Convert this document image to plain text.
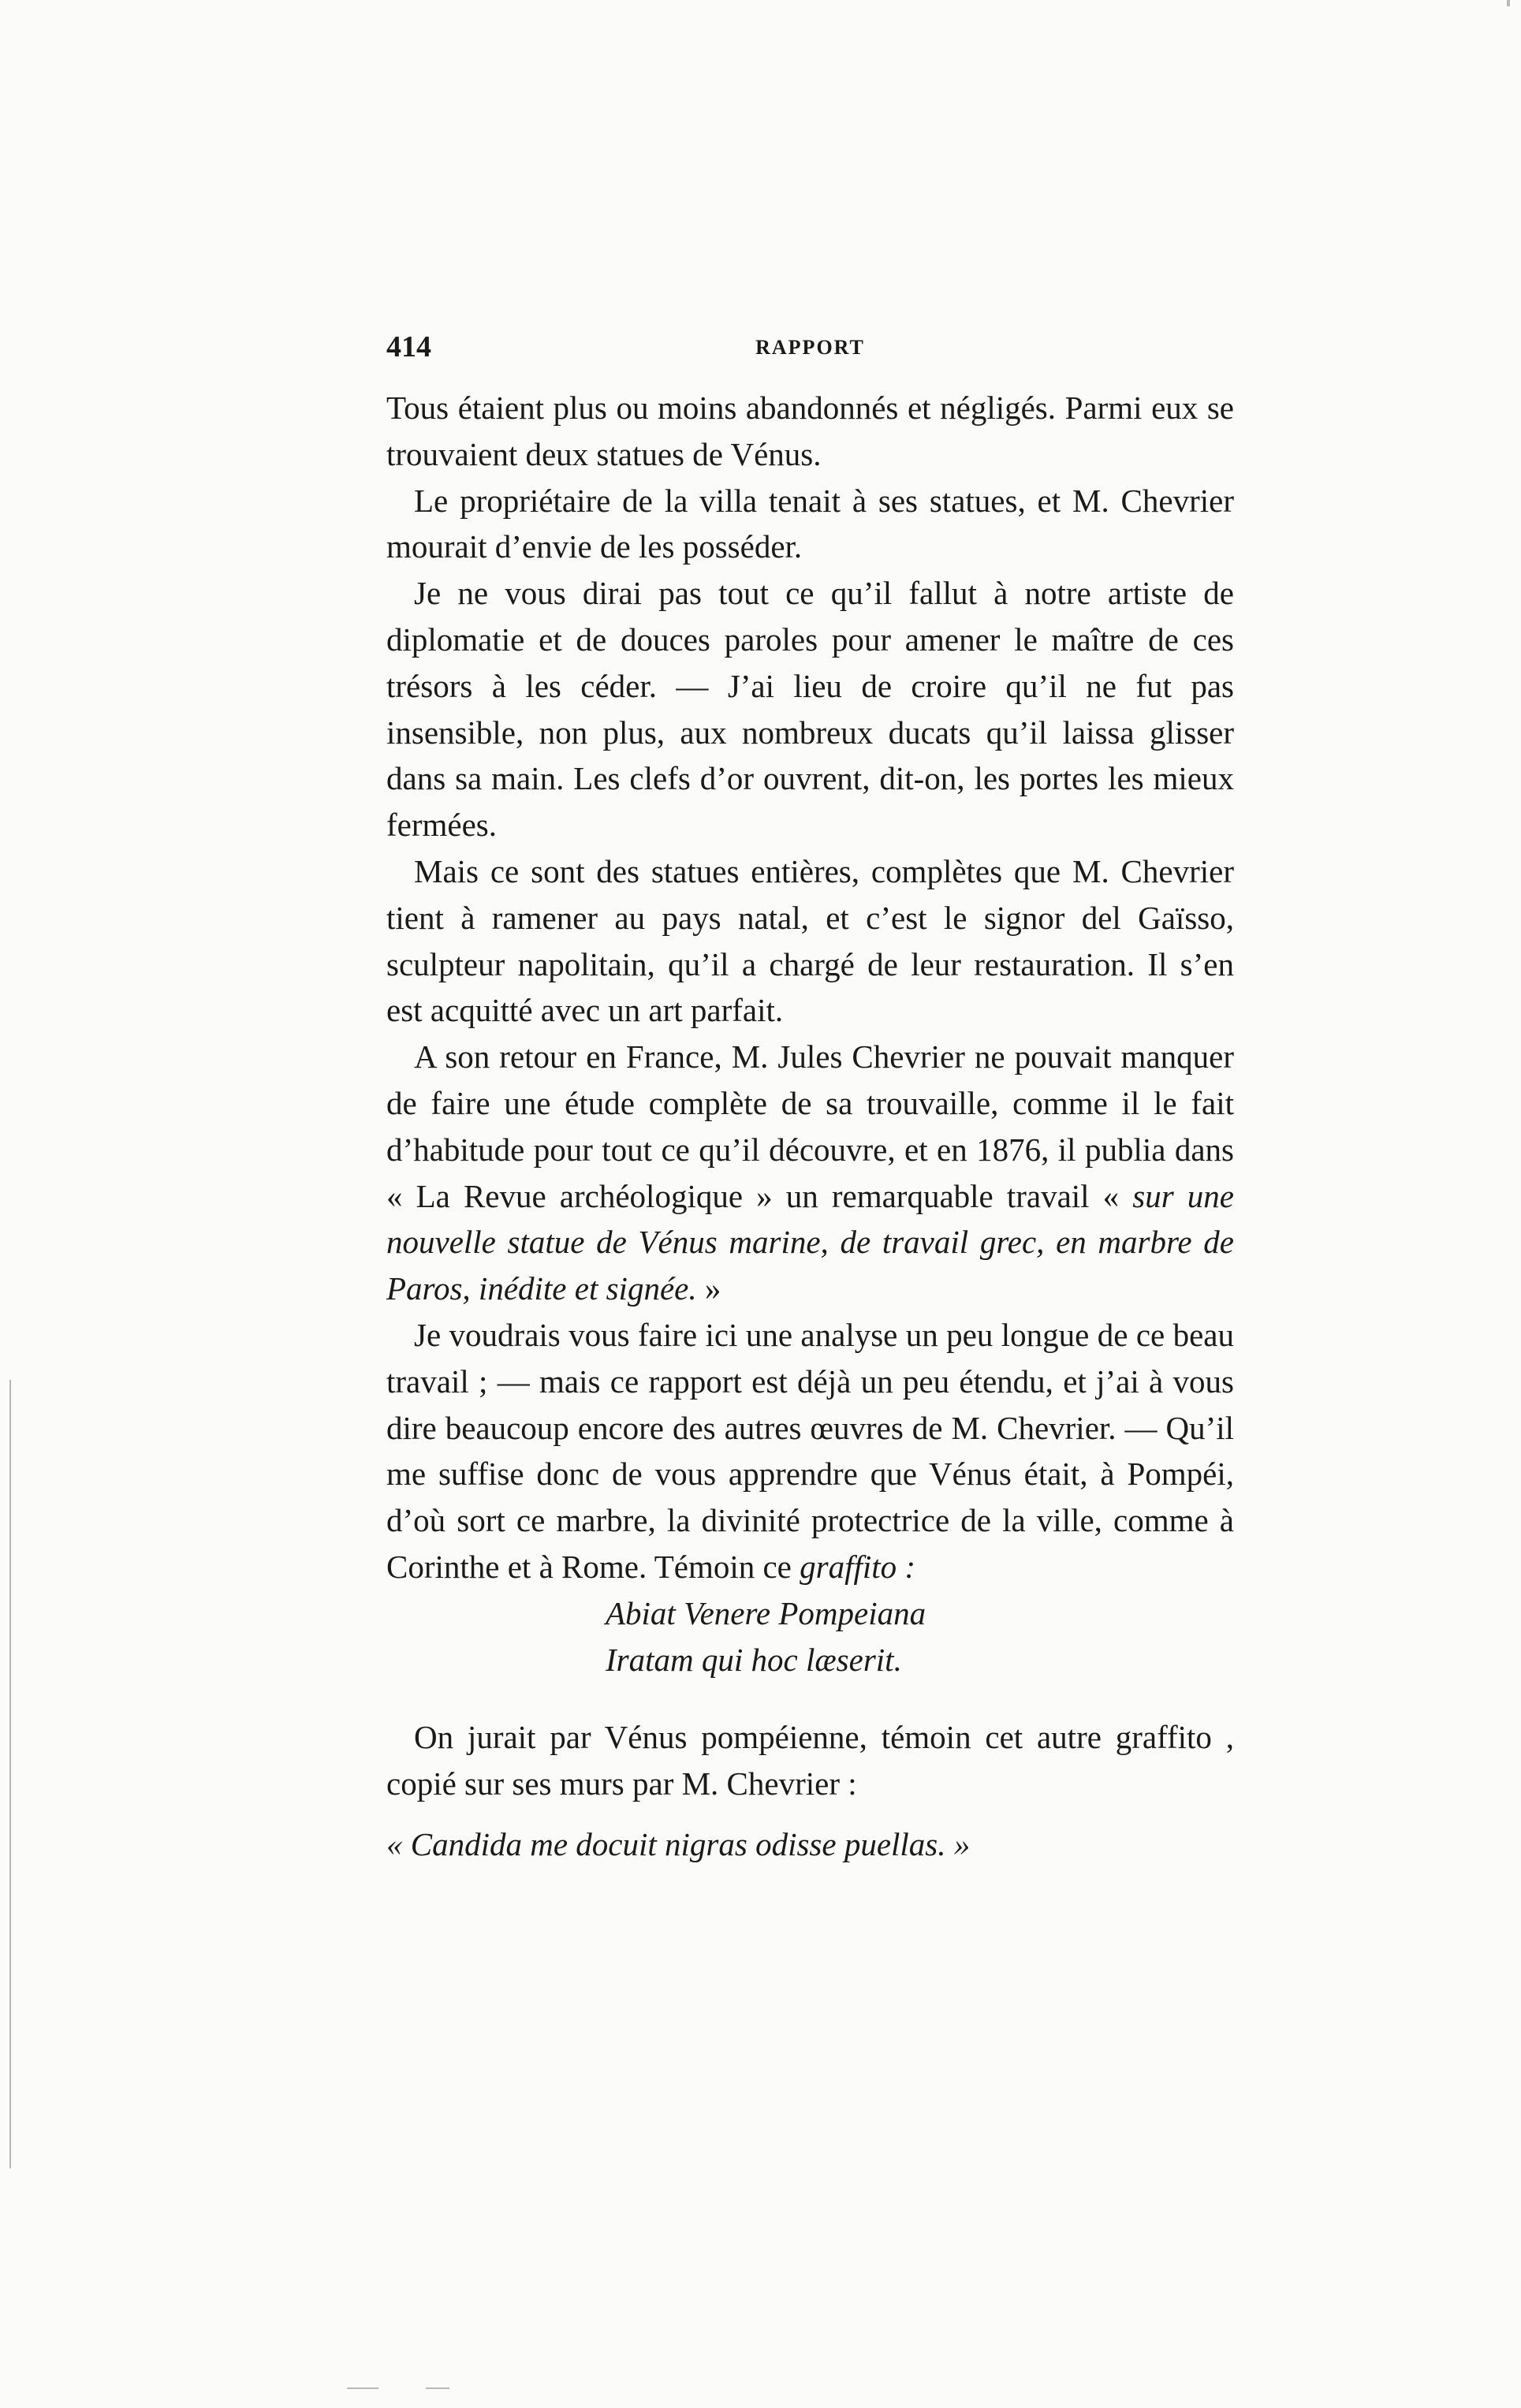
414	RAPPORT

Tous étaient plus ou moins abandonnés et négligés. Parmi eux se trouvaient deux statues de Vénus.

Le propriétaire de la villa tenait à ses statues, et M. Chevrier mourait d’envie de les posséder.

Je ne vous dirai pas tout ce qu’il fallut à notre artiste de diplomatie et de douces paroles pour amener le maître de ces trésors à les céder. — J’ai lieu de croire qu’il ne fut pas insensible, non plus, aux nombreux ducats qu’il laissa glisser dans sa main. Les clefs d’or ouvrent, dit-on, les portes les mieux fermées.

Mais ce sont des statues entières, complètes que M. Chevrier tient à ramener au pays natal, et c’est le signor del Gaïsso, sculpteur napolitain, qu’il a chargé de leur restauration. Il s’en est acquitté avec un art parfait.

A son retour en France, M. Jules Chevrier ne pouvait manquer de faire une étude complète de sa trouvaille, comme il le fait d’habitude pour tout ce qu’il découvre, et en 1876, il publia dans « La Revue archéologique » un remarquable travail « sur une nouvelle statue de Vénus marine, de travail grec, en marbre de Paros, inédite et signée. »

Je voudrais vous faire ici une analyse un peu longue de ce beau travail ; — mais ce rapport est déjà un peu étendu, et j’ai à vous dire beaucoup encore des autres œuvres de M. Chevrier. — Qu’il me suffise donc de vous apprendre que Vénus était, à Pompéi, d’où sort ce marbre, la divinité protectrice de la ville, comme à Corinthe et à Rome. Témoin ce graffito :

Abiat Venere Pompeiana

Iratam qui hoc læserit.

On jurait par Vénus pompéienne, témoin cet autre graffito , copié sur ses murs par M. Chevrier :

« Candida me docuit nigras odisse puellas. »
